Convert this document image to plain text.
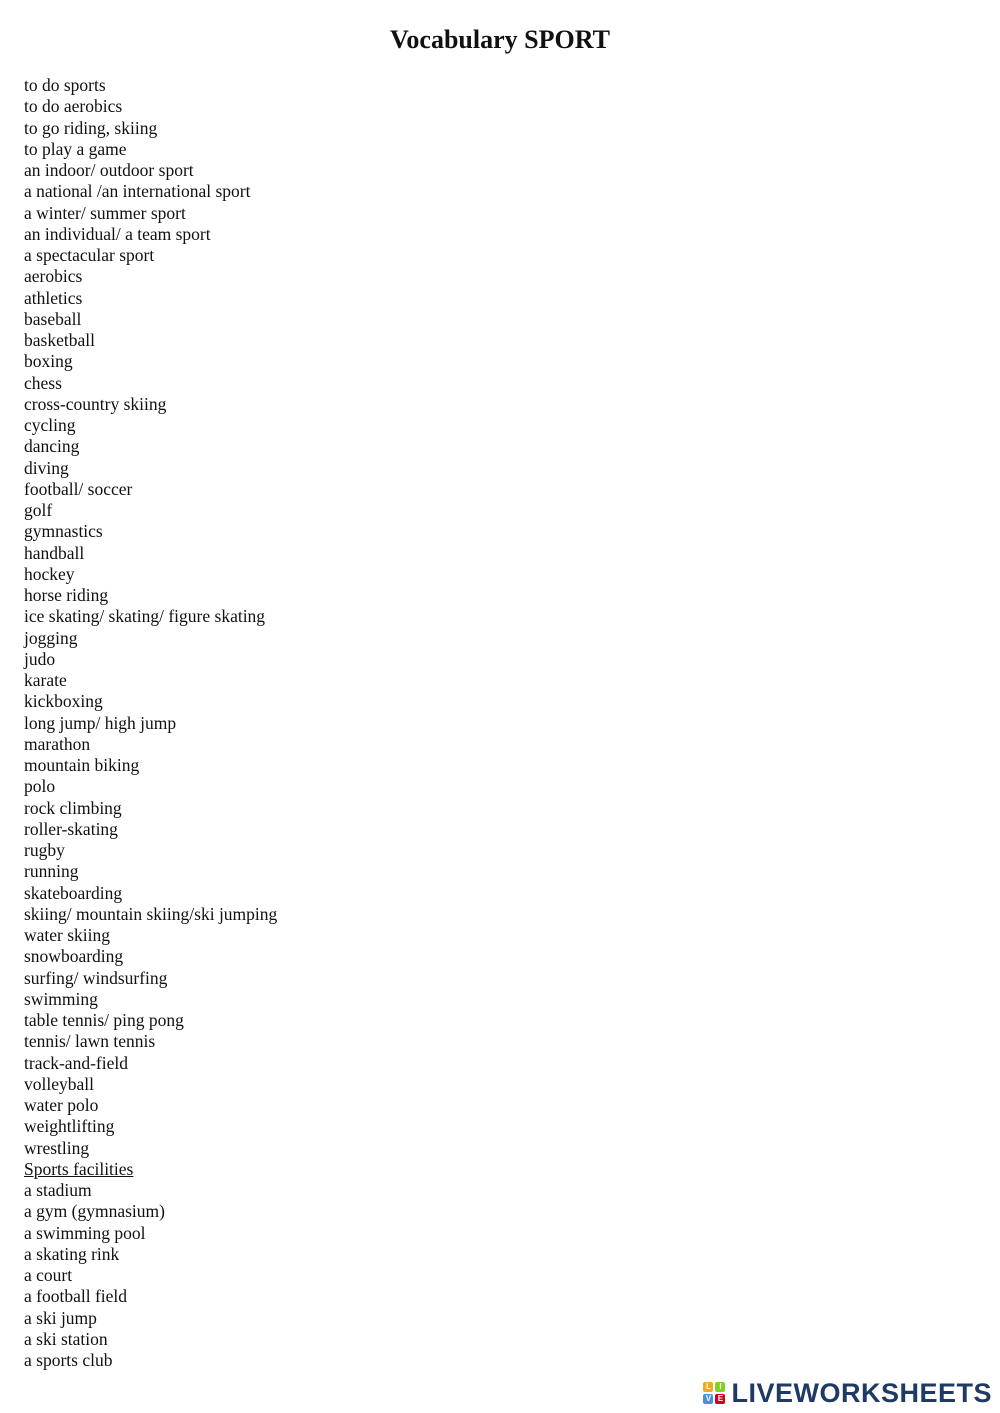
Vocabulary SPORT
to do sports
to do aerobics
to go riding, skiing
to play a game
an indoor/ outdoor sport
a national /an international sport
a winter/ summer sport
an individual/ a team sport
a spectacular sport
aerobics
athletics
baseball
basketball
boxing
chess
cross-country skiing
cycling
dancing
diving
football/ soccer
golf
gymnastics
handball
hockey
horse riding
ice skating/ skating/ figure skating
jogging
judo
karate
kickboxing
long jump/ high jump
marathon
mountain biking
polo
rock climbing
roller-skating
rugby
running
skateboarding
skiing/ mountain skiing/ski jumping
water skiing
snowboarding
surfing/ windsurfing
swimming
table tennis/ ping pong
tennis/ lawn tennis
track-and-field
volleyball
water polo
weightlifting
wrestling
Sports facilities
a stadium
a gym (gymnasium)
a swimming pool
a skating rink
a court
a football field
a ski jump
a ski station
a sports club
L	I
V E LIVEWORKSHEETS
